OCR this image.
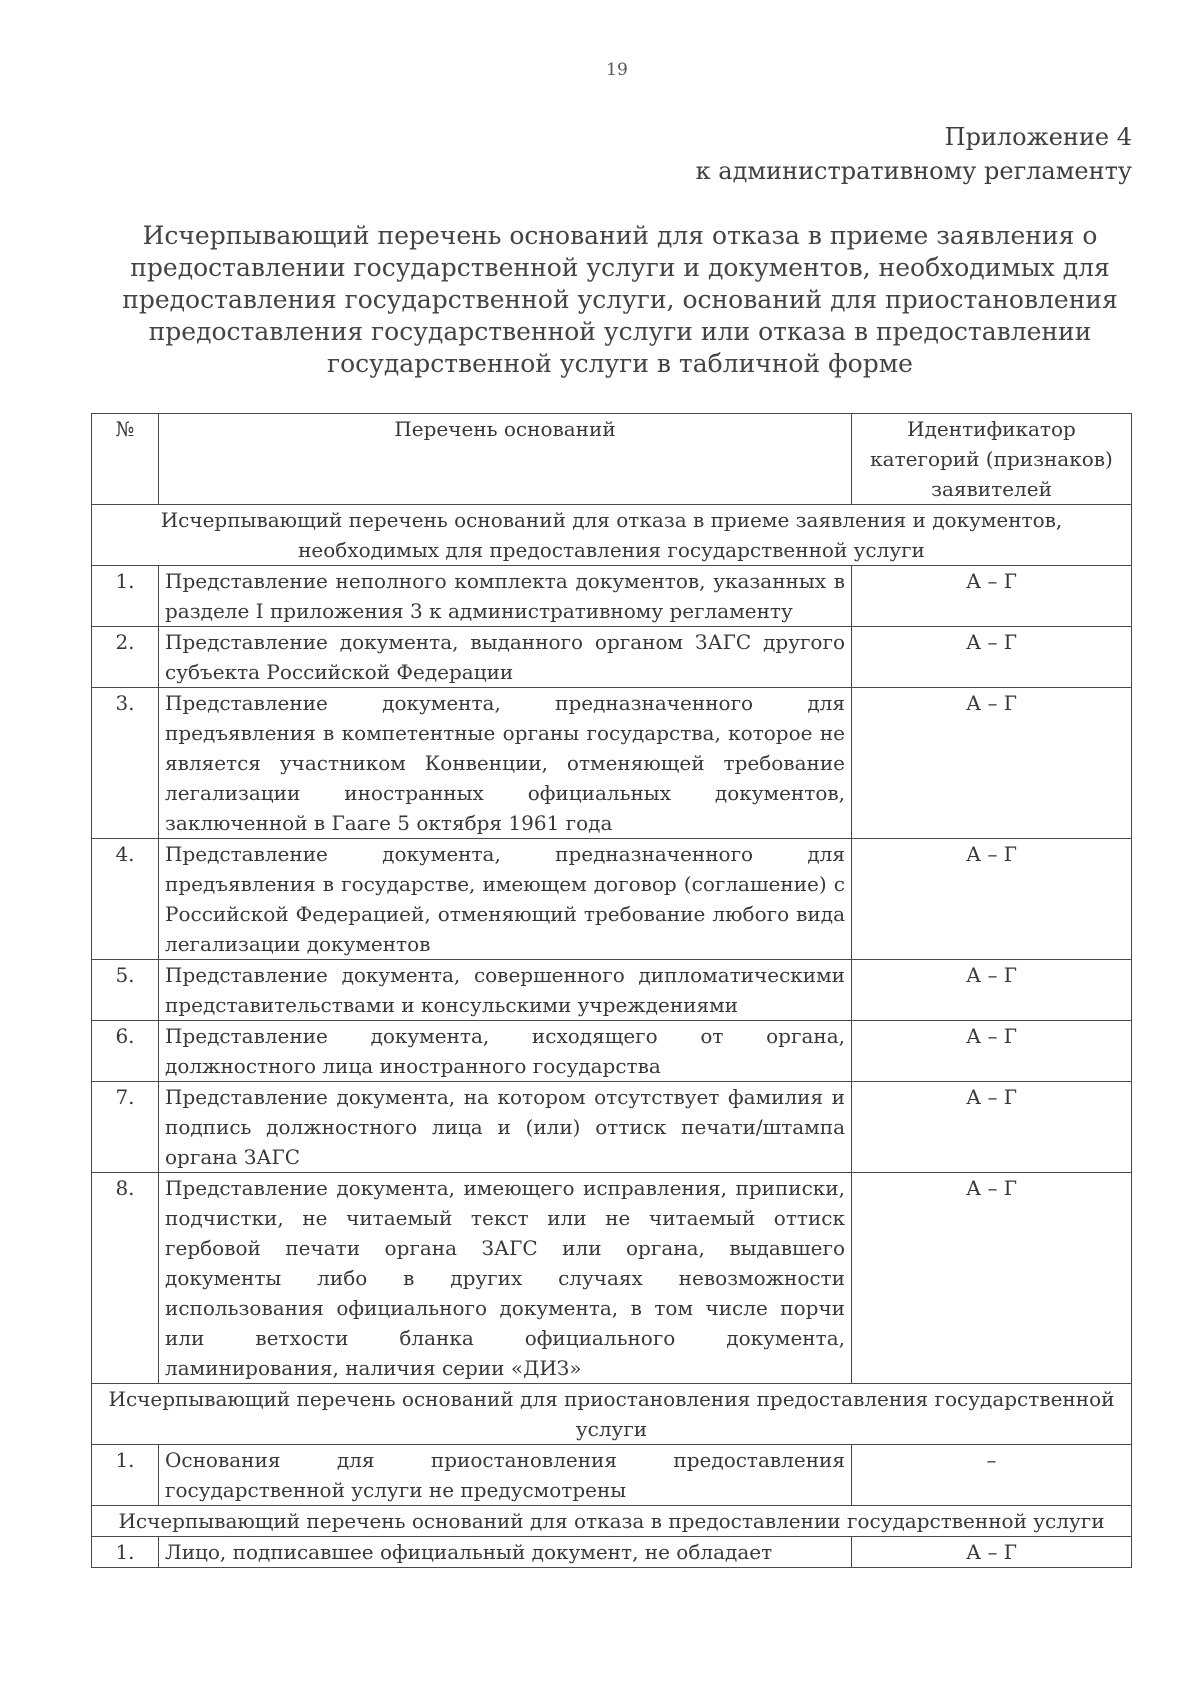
19
Приложение 4
к административному регламенту
Исчерпывающий перечень оснований для отказа в приеме заявления о предоставлении государственной услуги и документов, необходимых для предоставления государственной услуги, оснований для приостановления предоставления государственной услуги или отказа в предоставлении государственной услуги в табличной форме
№	Перечень оснований	Идентификатор категорий (признаков) заявителей
Исчерпывающий перечень оснований для отказа в приеме заявления и документов, необходимых для предоставления государственной услуги		
1.	Представление неполного комплекта документов, указанных в разделе I приложения 3 к административному регламенту	А – Г
2.	Представление документа, выданного органом ЗАГС другого субъекта Российской Федерации	А – Г
3.	Представление документа, предназначенного для предъявления в компетентные органы государства, которое не является участником Конвенции, отменяющей требование легализации иностранных официальных документов, заключенной в Гааге 5 октября 1961 года	А – Г
4.	Представление документа, предназначенного для предъявления в государстве, имеющем договор (соглашение) с Российской Федерацией, отменяющий требование любого вида легализации документов	А – Г
5.	Представление документа, совершенного дипломатическими представительствами и консульскими учреждениями	А – Г
6.	Представление документа, исходящего от органа, должностного лица иностранного государства	А – Г
7.	Представление документа, на котором отсутствует фамилия и подпись должностного лица и (или) оттиск печати/штампа органа ЗАГС	А – Г
8.	Представление документа, имеющего исправления, приписки, подчистки, не читаемый текст или не читаемый оттиск гербовой печати органа ЗАГС или органа, выдавшего документы либо в других случаях невозможности использования официального документа, в том числе порчи или ветхости бланка официального документа, ламинирования, наличия серии «ДИЗ»	А – Г
Исчерпывающий перечень оснований для приостановления предоставления государственной услуги		
1.	Основания для приостановления предоставления государственной услуги не предусмотрены	–
Исчерпывающий перечень оснований для отказа в предоставлении государственной услуги		
1.	Лицо, подписавшее официальный документ, не обладает	А – Г
